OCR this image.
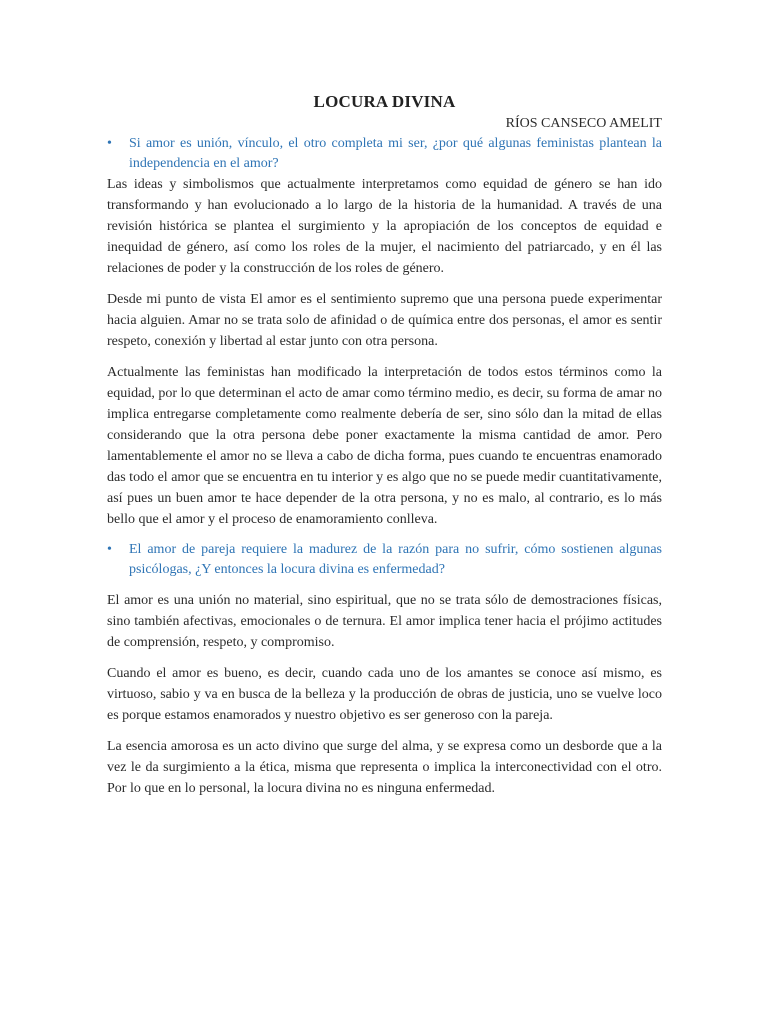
LOCURA DIVINA
RÍOS CANSECO AMELIT
• Si amor es unión, vínculo, el otro completa mi ser, ¿por qué algunas feministas plantean la independencia en el amor?

Las ideas y simbolismos que actualmente interpretamos como equidad de género se han ido transformando y han evolucionado a lo largo de la historia de la humanidad. A través de una revisión histórica se plantea el surgimiento y la apropiación de los conceptos de equidad e inequidad de género, así como los roles de la mujer, el nacimiento del patriarcado, y en él las relaciones de poder y la construcción de los roles de género.

Desde mi punto de vista El amor es el sentimiento supremo que una persona puede experimentar hacia alguien. Amar no se trata solo de afinidad o de química entre dos personas, el amor es sentir respeto, conexión y libertad al estar junto con otra persona.

Actualmente las feministas han modificado la interpretación de todos estos términos como la equidad, por lo que determinan el acto de amar como término medio, es decir, su forma de amar no implica entregarse completamente como realmente debería de ser, sino sólo dan la mitad de ellas considerando que la otra persona debe poner exactamente la misma cantidad de amor. Pero lamentablemente el amor no se lleva a cabo de dicha forma, pues cuando te encuentras enamorado das todo el amor que se encuentra en tu interior y es algo que no se puede medir cuantitativamente, así pues un buen amor te hace depender de la otra persona, y no es malo, al contrario, es lo más bello que el amor y el proceso de enamoramiento conlleva.

• El amor de pareja requiere la madurez de la razón para no sufrir, cómo sostienen algunas psicólogas, ¿Y entonces la locura divina es enfermedad?

El amor es una unión no material, sino espiritual, que no se trata sólo de demostraciones físicas, sino también afectivas, emocionales o de ternura. El amor implica tener hacia el prójimo actitudes de comprensión, respeto, y compromiso.

Cuando el amor es bueno, es decir, cuando cada uno de los amantes se conoce así mismo, es virtuoso, sabio y va en busca de la belleza y la producción de obras de justicia, uno se vuelve loco es porque estamos enamorados y nuestro objetivo es ser generoso con la pareja.

La esencia amorosa es un acto divino que surge del alma, y se expresa como un desborde que a la vez le da surgimiento a la ética, misma que representa o implica la interconectividad con el otro. Por lo que en lo personal, la locura divina no es ninguna enfermedad.
